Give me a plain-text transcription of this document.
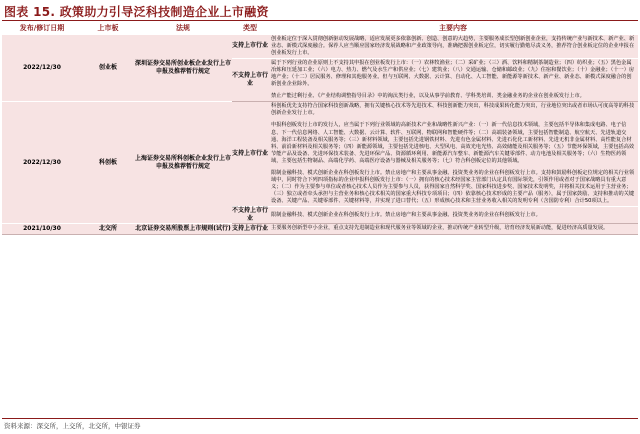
图表 15. 政策助力引导泛科技制造企业上市融资
发布/修订日期	上市板	法规	类型	主要内容
2022/12/30	创业板	深圳证券交易所创业板企业发行上市申报及推荐暂行规定	支持上市行业	创业板定位于深入贯彻创新驱动发展战略，适应发展更多依靠创新、创造、创意的大趋势，主要服务成长型创新创业企业，支持传统产业与新技术、新产业、新业态、新模式深度融合。保荐人应当顺应国家经济发展战略和产业政策导向，准确把握创业板定位，切实履行勤勉尽责义务，推荐符合创业板定位的企业申报在创业板发行上市。

			不支持上市行业	属于下列行业的企业原则上不支持其申报在创业板发行上市：（一）农林牧渔业；（二）采矿业；（三）酒、饮料和精制茶制造业；（四）纺织业；（五）黑色金属冶炼和压延加工业；（六）电力、热力、燃气及水生产和供应业；（七）建筑业；（八）交通运输、仓储和邮政业；（九）住宿和餐饮业；（十）金融业；（十一）房地产业；（十二）居民服务、修理和其他服务业。但与互联网、大数据、云计算、自动化、人工智能、新能源等新技术、新产业、新业态、新模式深度融合的创新创业企业除外。

禁止产能过剩行业、《产业结构调整指导目录》中的淘汰类行业，以及从事学前教育、学科类培训、类金融业务的企业在创业板发行上市。

2022/12/30	科创板	上海证券交易所科创板企业发行上市申报及推荐暂行规定	支持上市行业	科创板优先支持符合国家科技创新战略，拥有关键核心技术等先进技术、科技创新能力突出，科技成果转化能力突出，行业地位突出或者市场认可度高等的科技创新企业发行上市。

申报科创板发行上市的发行人，应当属于下列行业领域的高新技术产业和战略性新兴产业：（一）新一代信息技术领域，主要包括半导体和集成电路、电子信息、下一代信息网络、人工智能、大数据、云计算、软件、互联网、物联网和智能硬件等；（二）高端装备领域，主要包括智能制造、航空航天、先进轨道交通、海洋工程装备及相关服务等；（三）新材料领域，主要包括先进钢铁材料、先进有色金属材料、先进石化化工新材料、先进无机非金属材料、高性能复合材料、前沿新材料及相关服务等；（四）新能源领域，主要包括先进核电、大型风电、高效光电光热、高效储能及相关服务等；（五）节能环保领域，主要包括高效节能产品及设备、先进环保技术装备、先进环保产品、资源循环利用、新能源汽车整车、新能源汽车关键零部件、动力电池及相关服务等；（六）生物医药领域，主要包括生物制品、高端化学药、高端医疗设备与器械及相关服务等；（七）符合科创板定位的其他领域。

限制金融科技、模式创新企业在科创板发行上市。禁止房地产和主要从事金融、投资类业务的企业在科创板发行上市。支持和鼓励科创板定位规定的相关行业领域中，同时符合下列四项指标的企业申报科创板发行上市：（一）拥有的核心技术经国家主管部门认定具有国际领先，引领作用或者对于国家战略具有重大意义；（二）作为主要参与单位或者核心技术人员作为主要参与人员，获得国家自然科学奖、国家科技进步奖、国家技术发明奖，并将相关技术运用于主营业务；（三）独立或者牵头承担与主营业务和核心技术相关的国家重大科技专项项目；（四）依靠核心技术形成的主要产品（服务），属于国家鼓励、支持和推动的关键设备、关键产品、关键零部件、关键材料等，并实现了进口替代；（五）形成核心技术和主营业务收入相关的发明专利（含国防专利）合计50项以上。

			不支持上市行业	限制金融科技、模式创新企业在科创板发行上市。禁止房地产和主要从事金融、投资类业务的企业在科创板发行上市。

2021/10/30	北交所	北京证券交易所股票上市规则(试行)	支持上市行业	主要服务创新型中小企业，重点支持先进制造业和现代服务业等领域的企业，推动传统产业转型升级，培育经济发展新动能，促进经济高质量发展。

资料来源：深交所，上交所，北交所，中银证券
